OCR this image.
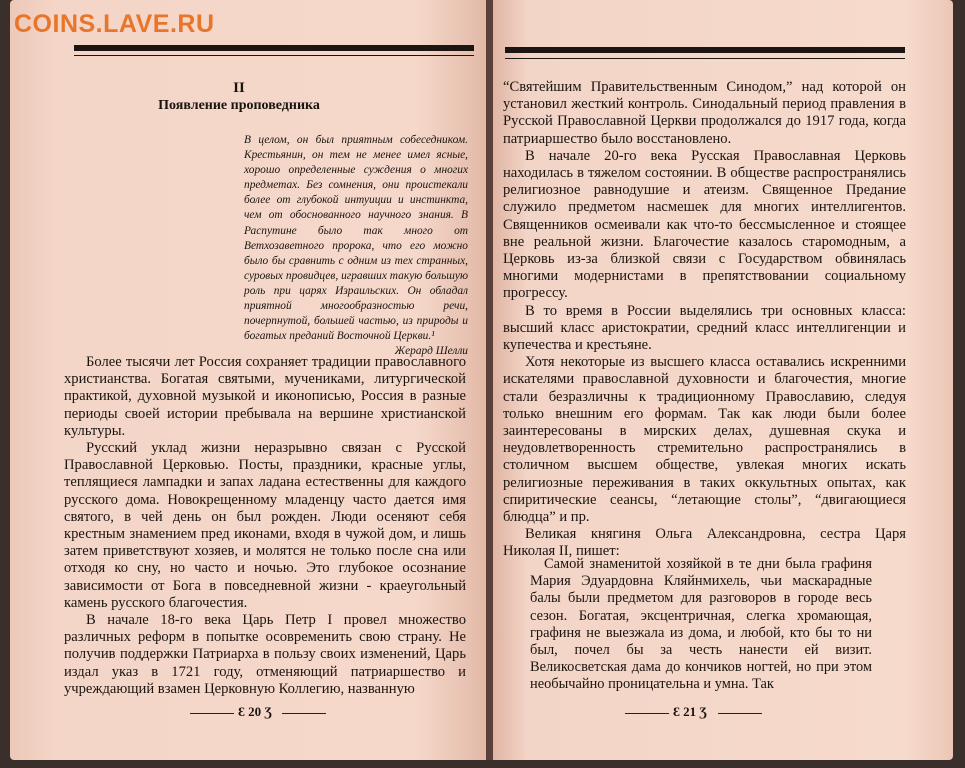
COINS.LAVE.RU
II
Появление проповедника
В целом, он был приятным собеседником. Крестьянин, он тем не менее имел ясные, хорошо определенные суждения о многих предметах. Без сомнения, они проистекали более от глубокой интуиции и инстинкта, чем от обоснованного научного знания. В Распутине было так много от Ветхозаветного пророка, что его можно было бы сравнить с одним из тех странных, суровых провидцев, игравших такую большую роль при царях Израильских. Он обладал приятной многообразностью речи, почерпнутой, большей частью, из природы и богатых преданий Восточной Церкви.¹
Жерард Шелли

Более тысячи лет Россия сохраняет традиции православного христианства. Богатая святыми, мучениками, литургической практикой, духовной музыкой и иконописью, Россия в разные периоды своей истории пребывала на вершине христианской культуры.

Русский уклад жизни неразрывно связан с Русской Православной Церковью. Посты, праздники, красные углы, теплящиеся лампадки и запах ладана естественны для каждого русского дома. Новокрещенному младенцу часто дается имя святого, в чей день он был рожден. Люди осеняют себя крестным знамением пред иконами, входя в чужой дом, и лишь затем приветствуют хозяев, и молятся не только после сна или отходя ко сну, но часто и ночью. Это глубокое осознание зависимости от Бога в повседневной жизни - краеугольный камень русского благочестия.

В начале 18-го века Царь Петр I провел множество различных реформ в попытке осовременить свою страну. Не получив поддержки Патриарха в пользу своих изменений, Царь издал указ в 1721 году, отменяющий патриаршество и учреждающий взамен Церковную Коллегию, названную

Ɛ 20 Ʒ

“Святейшим Правительственным Синодом,” над которой он установил жесткий контроль. Синодальный период правления в Русской Православной Церкви продолжался до 1917 года, когда патриаршество было восстановлено.

В начале 20-го века Русская Православная Церковь находилась в тяжелом состоянии. В обществе распространялись религиозное равнодушие и атеизм. Священное Предание служило предметом насмешек для многих интеллигентов. Священников осмеивали как что-то бессмысленное и стоящее вне реальной жизни. Благочестие казалось старомодным, а Церковь из-за близкой связи с Государством обвинялась многими модернистами в препятствовании социальному прогрессу.

В то время в России выделялись три основных класса: высший класс аристократии, средний класс интеллигенции и купечества и крестьяне.

Хотя некоторые из высшего класса оставались искренними искателями православной духовности и благочестия, многие стали безразличны к традиционному Православию, следуя только внешним его формам. Так как люди были более заинтересованы в мирских делах, душевная скука и неудовлетворенность стремительно распространялись в столичном высшем обществе, увлекая многих искать религиозные переживания в таких оккультных опытах, как спиритические сеансы, “летающие столы”, “двигающиеся блюдца” и пр.

Великая княгиня Ольга Александровна, сестра Царя Николая II, пишет:

Самой знаменитой хозяйкой в те дни была графиня Мария Эдуардовна Кляйнмихель, чьи маскарадные балы были предметом для разговоров в городе весь сезон. Богатая, эксцентричная, слегка хромающая, графиня не выезжала из дома, и любой, кто бы то ни был, почел бы за честь нанести ей визит. Великосветская дама до кончиков ногтей, но при этом необычайно проницательна и умна. Так

Ɛ 21 Ʒ
